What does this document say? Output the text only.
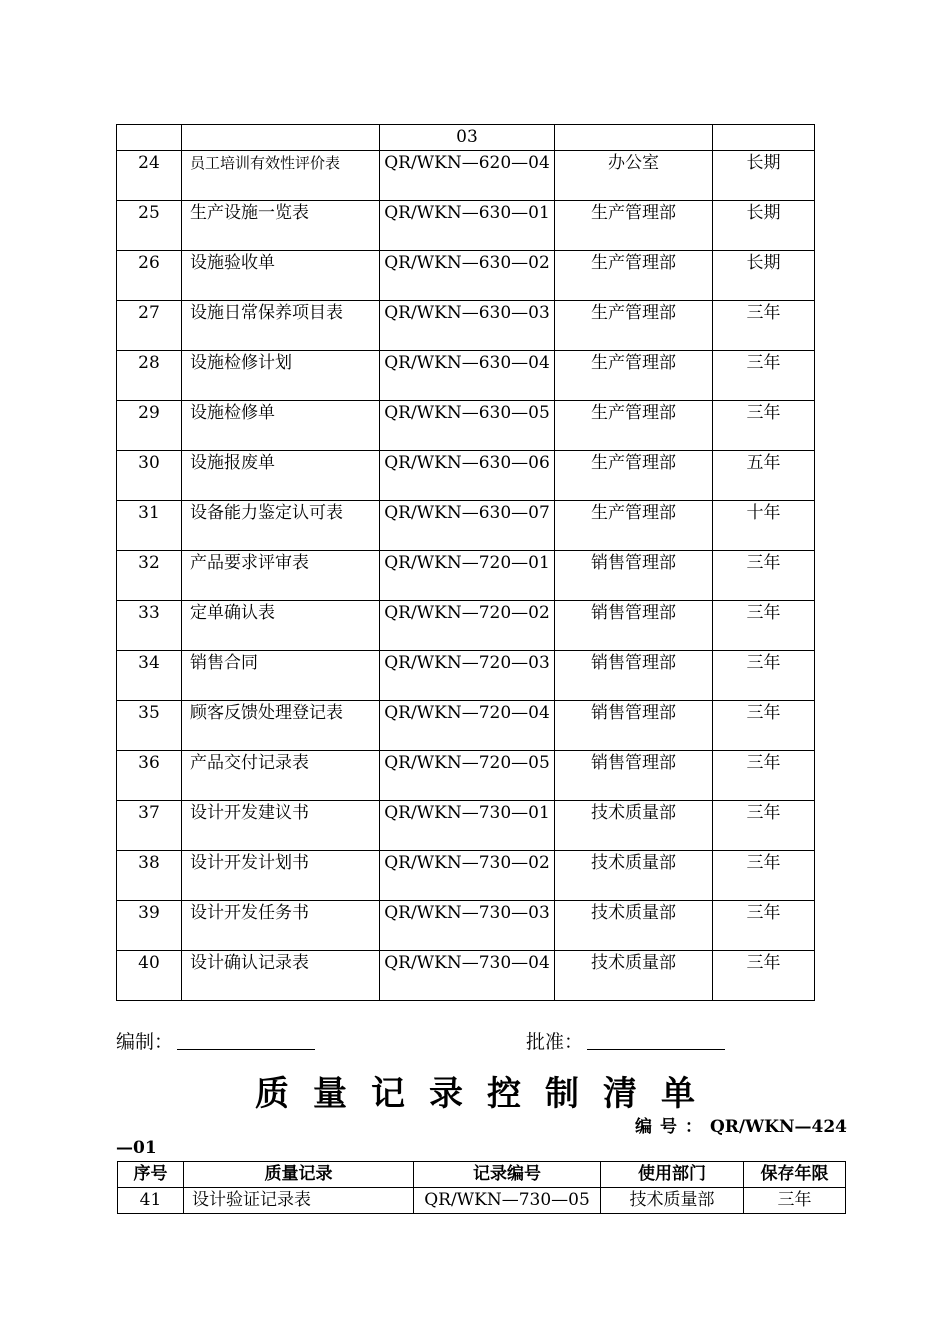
		03		
24	员工培训有效性评价表	QR/WKN—620—04	办公室	长期
25	生产设施一览表	QR/WKN—630—01	生产管理部	长期
26	设施验收单	QR/WKN—630—02	生产管理部	长期
27	设施日常保养项目表	QR/WKN—630—03	生产管理部	三年
28	设施检修计划	QR/WKN—630—04	生产管理部	三年
29	设施检修单	QR/WKN—630—05	生产管理部	三年
30	设施报废单	QR/WKN—630—06	生产管理部	五年
31	设备能力鉴定认可表	QR/WKN—630—07	生产管理部	十年
32	产品要求评审表	QR/WKN—720—01	销售管理部	三年
33	定单确认表	QR/WKN—720—02	销售管理部	三年
34	销售合同	QR/WKN—720—03	销售管理部	三年
35	顾客反馈处理登记表	QR/WKN—720—04	销售管理部	三年
36	产品交付记录表	QR/WKN—720—05	销售管理部	三年
37	设计开发建议书	QR/WKN—730—01	技术质量部	三年
38	设计开发计划书	QR/WKN—730—02	技术质量部	三年
39	设计开发任务书	QR/WKN—730—03	技术质量部	三年
40	设计确认记录表	QR/WKN—730—04	技术质量部	三年
编制：	批准：
质量记录控制清单
编号：QR/WKN—424
—01
序号	质量记录	记录编号	使用部门	保存年限
41	设计验证记录表	QR/WKN—730—05	技术质量部	三年
